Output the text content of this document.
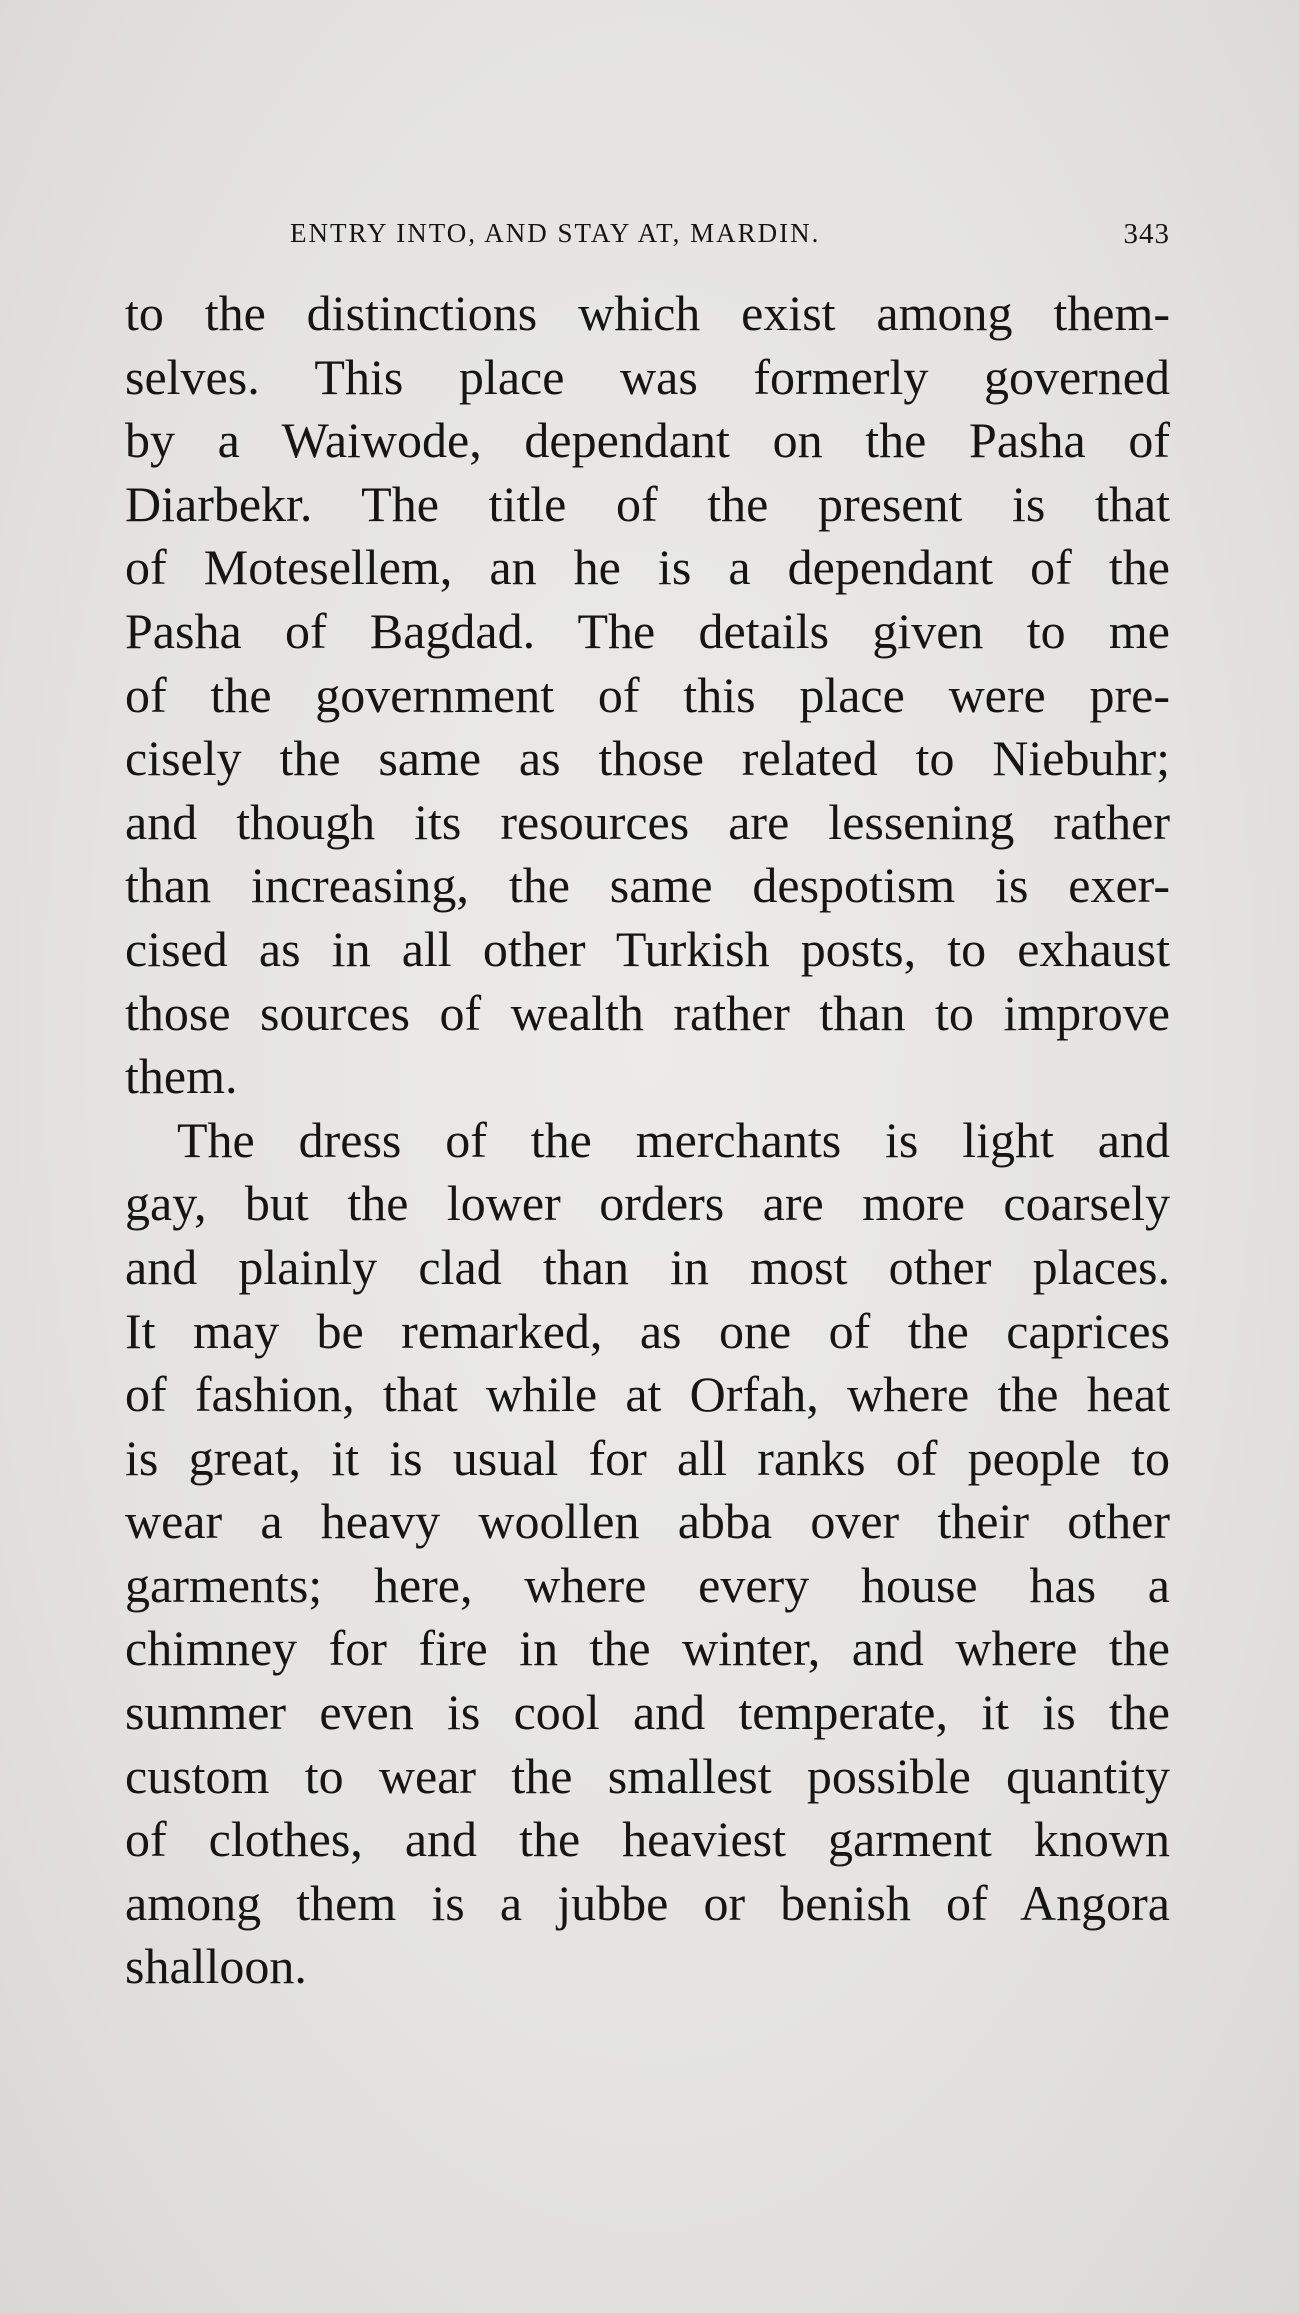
ENTRY INTO, AND STAY AT, MARDIN.	343
to the distinctions which exist among them-
selves. This place was formerly governed
by a Waiwode, dependant on the Pasha of
Diarbekr. The title of the present is that
of Motesellem, an he is a dependant of the
Pasha of Bagdad. The details given to me
of the government of this place were pre-
cisely the same as those related to Niebuhr;
and though its resources are lessening rather
than increasing, the same despotism is exer-
cised as in all other Turkish posts, to exhaust
those sources of wealth rather than to improve
them.
The dress of the merchants is light and
gay, but the lower orders are more coarsely
and plainly clad than in most other places.
It may be remarked, as one of the caprices
of fashion, that while at Orfah, where the heat
is great, it is usual for all ranks of people to
wear a heavy woollen abba over their other
garments; here, where every house has a
chimney for fire in the winter, and where the
summer even is cool and temperate, it is the
custom to wear the smallest possible quantity
of clothes, and the heaviest garment known
among them is a jubbe or benish of Angora
shalloon.
